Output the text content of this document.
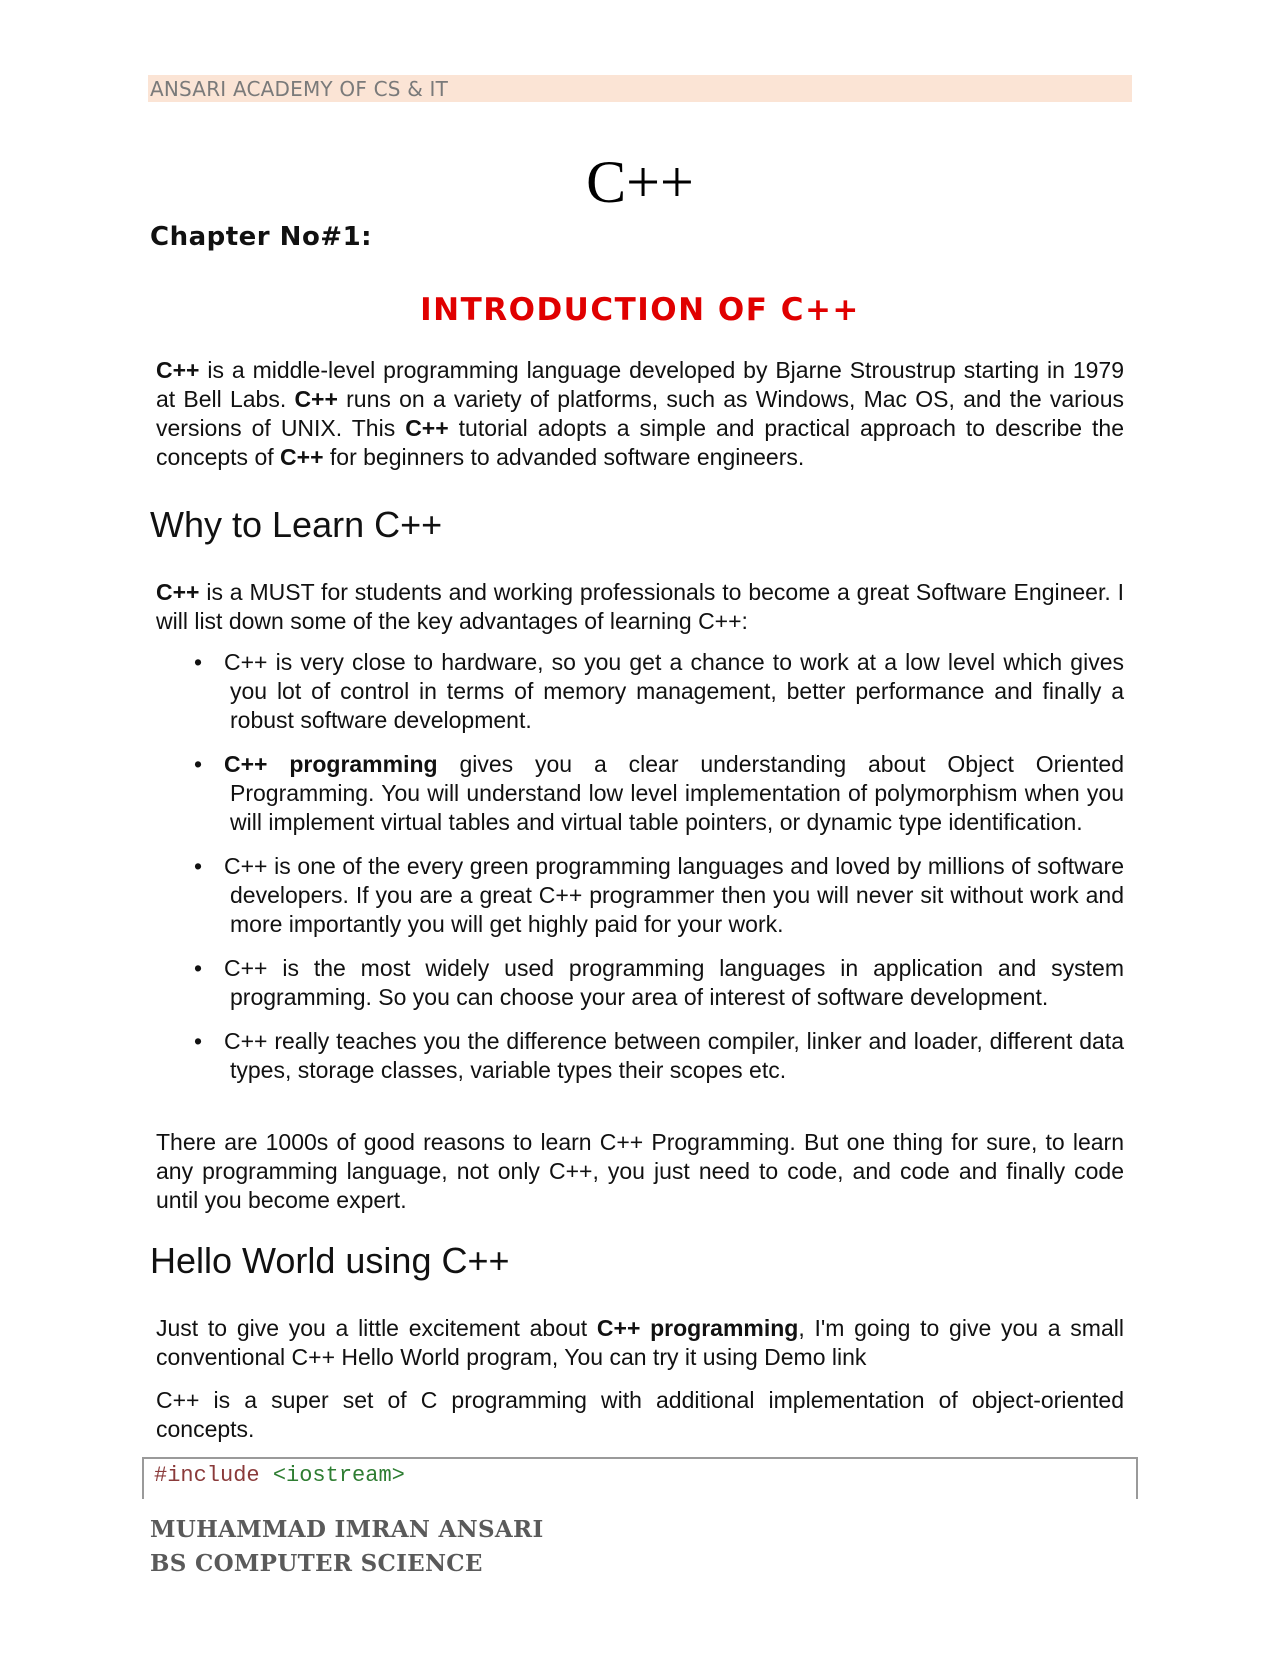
ANSARI ACADEMY OF CS & IT
C++
Chapter No#1:
INTRODUCTION OF C++
C++ is a middle-level programming language developed by Bjarne Stroustrup starting in 1979 at Bell Labs. C++ runs on a variety of platforms, such as Windows, Mac OS, and the various versions of UNIX. This C++ tutorial adopts a simple and practical approach to describe the concepts of C++ for beginners to advanded software engineers.
Why to Learn C++
C++ is a MUST for students and working professionals to become a great Software Engineer. I will list down some of the key advantages of learning C++:
• C++ is very close to hardware, so you get a chance to work at a low level which gives you lot of control in terms of memory management, better performance and finally a robust software development.
• C++ programming gives you a clear understanding about Object Oriented Programming. You will understand low level implementation of polymorphism when you will implement virtual tables and virtual table pointers, or dynamic type identification.
• C++ is one of the every green programming languages and loved by millions of software developers. If you are a great C++ programmer then you will never sit without work and more importantly you will get highly paid for your work.
• C++ is the most widely used programming languages in application and system programming. So you can choose your area of interest of software development.
• C++ really teaches you the difference between compiler, linker and loader, different data types, storage classes, variable types their scopes etc.
There are 1000s of good reasons to learn C++ Programming. But one thing for sure, to learn any programming language, not only C++, you just need to code, and code and finally code until you become expert.
Hello World using C++
Just to give you a little excitement about C++ programming, I'm going to give you a small conventional C++ Hello World program, You can try it using Demo link
C++ is a super set of C programming with additional implementation of object-oriented concepts.
#include <iostream>
MUHAMMAD IMRAN ANSARI
BS COMPUTER SCIENCE
